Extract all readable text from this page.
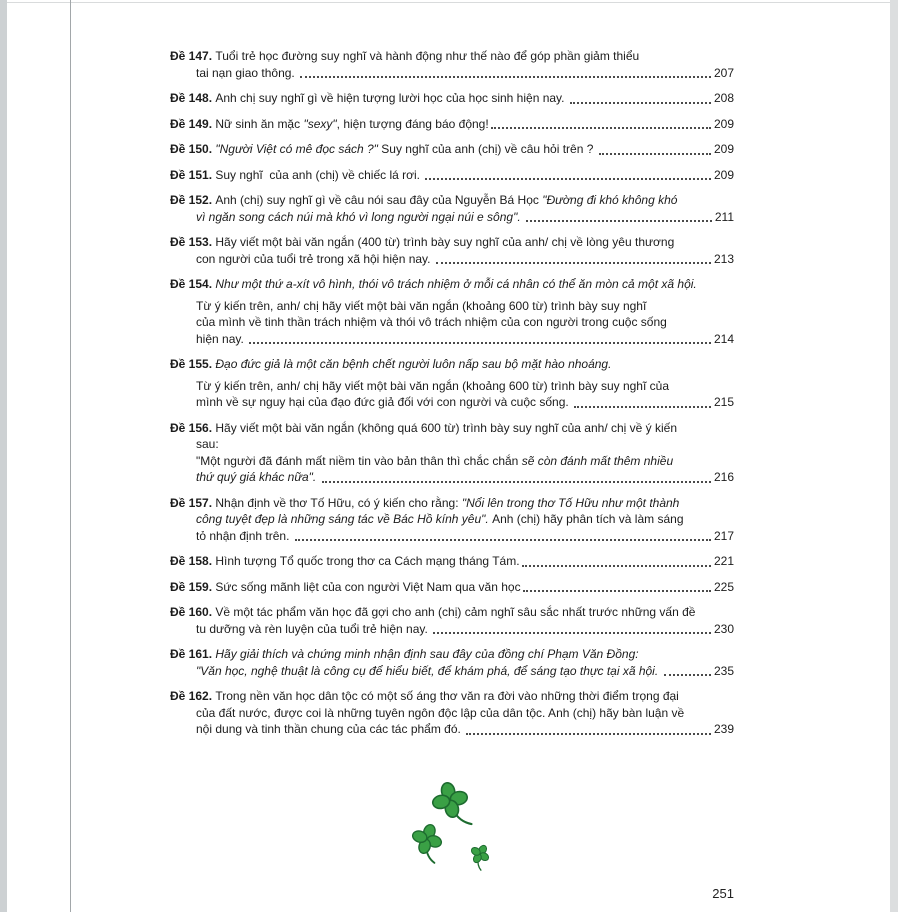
Đề 147. Tuổi trẻ học đường suy nghĩ và hành động như thế nào để góp phần giảm thiểu
tai nạn giao thông.	207
Đề 148. Anh chị suy nghĩ gì về hiện tượng lười học của học sinh hiện nay.	208
Đề 149. Nữ sinh ăn mặc "sexy", hiện tượng đáng báo động!	209
Đề 150. "Người Việt có mê đọc sách ?" Suy nghĩ của anh (chị) về câu hỏi trên ?	209
Đề 151. Suy nghĩ  của anh (chị) về chiếc lá rơi.	209
Đề 152. Anh (chị) suy nghĩ gì về câu nói sau đây của Nguyễn Bá Học "Đường đi khó không khó
vì ngăn song cách núi mà khó vì long người ngại núi e sông".	211
Đề 153. Hãy viết một bài văn ngắn (400 từ) trình bày suy nghĩ của anh/ chị về lòng yêu thương
con người của tuổi trẻ trong xã hội hiện nay.	213
Đề 154. Như một thứ a-xít vô hình, thói vô trách nhiệm ở mỗi cá nhân có thể ăn mòn cả một xã hội.
Từ ý kiến trên, anh/ chị hãy viết một bài văn ngắn (khoảng 600 từ) trình bày suy nghĩ
của mình về tinh thần trách nhiệm và thói vô trách nhiệm của con người trong cuộc sống
hiện nay.	214
Đề 155. Đạo đức giả là một căn bệnh chết người luôn nấp sau bộ mặt hào nhoáng.
Từ ý kiến trên, anh/ chị hãy viết một bài văn ngắn (khoảng 600 từ) trình bày suy nghĩ của
mình về sự nguy hại của đạo đức giả đối với con người và cuộc sống.	215
Đề 156. Hãy viết một bài văn ngắn (không quá 600 từ) trình bày suy nghĩ của anh/ chị về ý kiến
sau:
"Một người đã đánh mất niềm tin vào bản thân thì chắc chắn sẽ còn đánh mất thêm nhiều
thứ quý giá khác nữa".	216
Đề 157. Nhận định về thơ Tố Hữu, có ý kiến cho rằng: "Nổi lên trong thơ Tố Hữu như một thành
công tuyệt đẹp là những sáng tác về Bác Hồ kính yêu". Anh (chị) hãy phân tích và làm sáng
tỏ nhận định trên.	217
Đề 158. Hình tượng Tổ quốc trong thơ ca Cách mạng tháng Tám.	221
Đề 159. Sức sống mãnh liệt của con người Việt Nam qua văn học	225
Đề 160. Về một tác phẩm văn học đã gợi cho anh (chị) cảm nghĩ sâu sắc nhất trước những vấn đề
tu dưỡng và rèn luyện của tuổi trẻ hiện nay.	230
Đề 161. Hãy giải thích và chứng minh nhận định sau đây của đồng chí Phạm Văn Đồng:
"Văn học, nghệ thuật là công cụ để hiểu biết, để khám phá, để sáng tạo thực tại xã hội.	235
Đề 162. Trong nền văn học dân tộc có một số áng thơ văn ra đời vào những thời điểm trọng đại
của đất nước, được coi là những tuyên ngôn độc lập của dân tộc. Anh (chị) hãy bàn luận về
nội dung và tinh thần chung của các tác phẩm đó.	239
251
